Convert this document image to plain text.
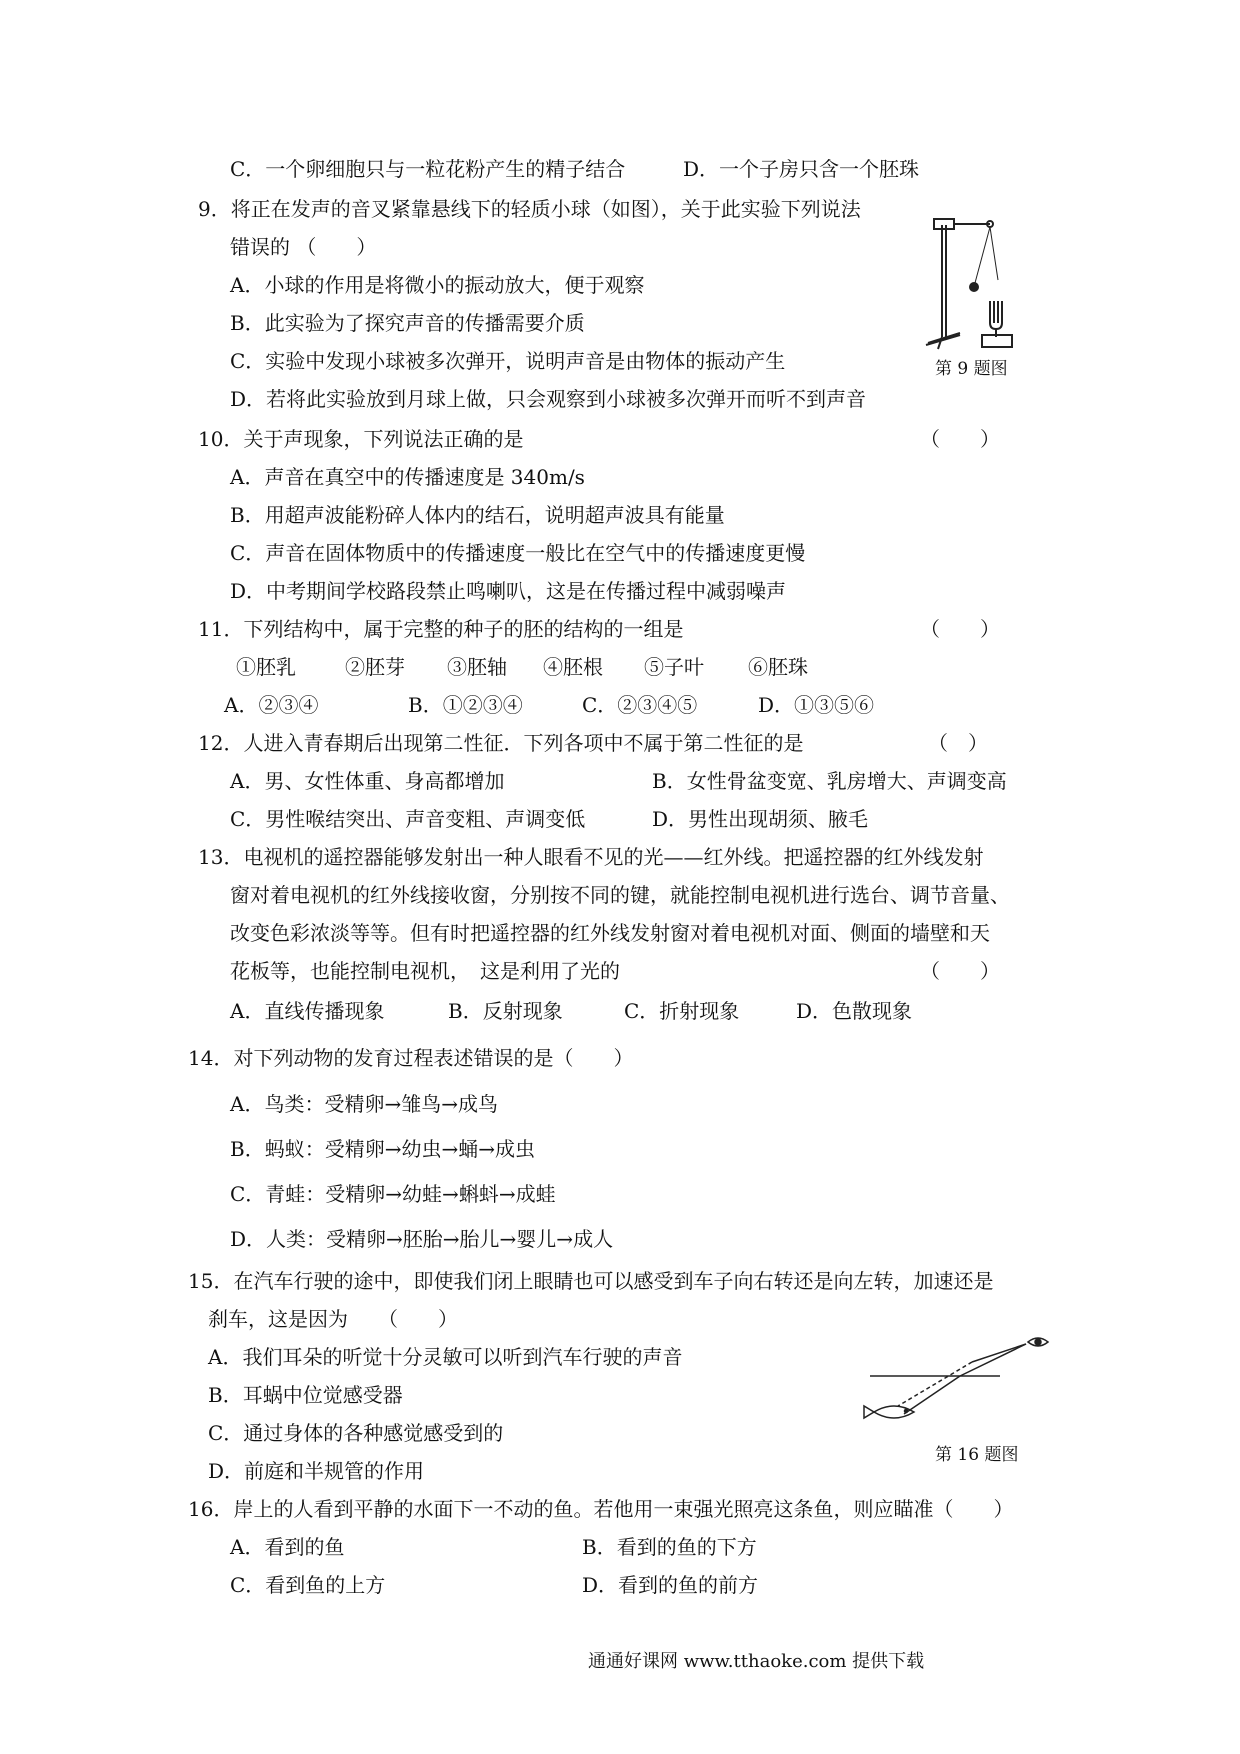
C．一个卵细胞只与一粒花粉产生的精子结合	D．一个子房只含一个胚珠
9．将正在发声的音叉紧靠悬线下的轻质小球（如图），关于此实验下列说法
错误的 （　　）
A．小球的作用是将微小的振动放大，便于观察
B．此实验为了探究声音的传播需要介质
C．实验中发现小球被多次弹开，说明声音是由物体的振动产生
D．若将此实验放到月球上做，只会观察到小球被多次弹开而听不到声音
第 9 题图
10．关于声现象，下列说法正确的是	（　　）
A．声音在真空中的传播速度是 340m/s
B．用超声波能粉碎人体内的结石，说明超声波具有能量
C．声音在固体物质中的传播速度一般比在空气中的传播速度更慢
D．中考期间学校路段禁止鸣喇叭，这是在传播过程中减弱噪声
11．下列结构中，属于完整的种子的胚的结构的一组是	（　　）
①胚乳 ②胚芽 ③胚轴 ④胚根 ⑤子叶 ⑥胚珠
A．②③④	B．①②③④	C．②③④⑤	D．①③⑤⑥
12．人进入青春期后出现第二性征．下列各项中不属于第二性征的是	（　）
A．男、女性体重、身高都增加	B．女性骨盆变宽、乳房增大、声调变高
C．男性喉结突出、声音变粗、声调变低	D．男性出现胡须、腋毛
13．电视机的遥控器能够发射出一种人眼看不见的光——红外线。把遥控器的红外线发射
窗对着电视机的红外线接收窗，分别按不同的键，就能控制电视机进行选台、调节音量、
改变色彩浓淡等等。但有时把遥控器的红外线发射窗对着电视机对面、侧面的墙壁和天
花板等，也能控制电视机，　这是利用了光的	（　　）
A．直线传播现象	B．反射现象	C．折射现象	D．色散现象
14．对下列动物的发育过程表述错误的是（　　）
A．鸟类：受精卵→雏鸟→成鸟
B．蚂蚁：受精卵→幼虫→蛹→成虫
C．青蛙：受精卵→幼蛙→蝌蚪→成蛙
D．人类：受精卵→胚胎→胎儿→婴儿→成人
15．在汽车行驶的途中，即使我们闭上眼睛也可以感受到车子向右转还是向左转，加速还是
刹车，这是因为　　（　　）
A．我们耳朵的听觉十分灵敏可以听到汽车行驶的声音
B．耳蜗中位觉感受器
C．通过身体的各种感觉感受到的
D．前庭和半规管的作用
第 16 题图
16．岸上的人看到平静的水面下一不动的鱼。若他用一束强光照亮这条鱼，则应瞄准（　　）
A．看到的鱼	B．看到的鱼的下方
C．看到鱼的上方	D．看到的鱼的前方
通通好课网 www.tthaoke.com 提供下载
